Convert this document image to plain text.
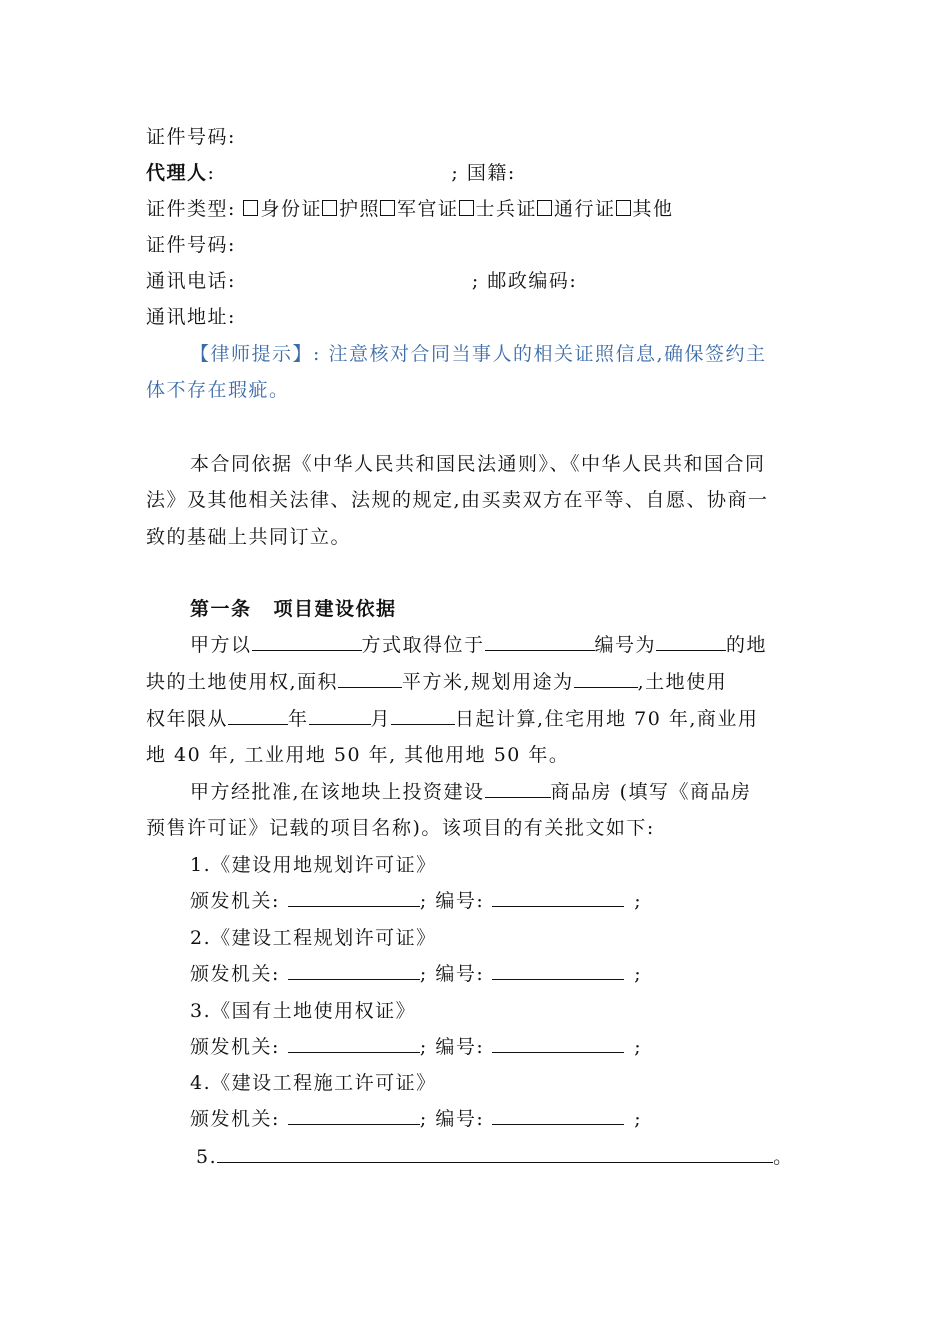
证件号码:
代理人:	; 国籍:
证件类型: 身份证 护照 军官证 士兵证 通行证 其他
证件号码:
通讯电话:	; 邮政编码:
通讯地址:
【律师提示】: 注意核对合同当事人的相关证照信息,确保签约主
体不存在瑕疵。
本合同依据《中华人民共和国民法通则》、《中华人民共和国合同
法》及其他相关法律、法规的规定,由买卖双方在平等、自愿、协商一
致的基础上共同订立。
第一条 项目建设依据
甲方以	方式取得位于	编号为	的地
块的土地使用权,面积	平方米,规划用途为	,土地使用
权年限从	年	月	日起计算,住宅用地 70 年,商业用
地 40 年, 工业用地 50 年, 其他用地 50 年。
甲方经批准,在该地块上投资建设	商品房 (填写《商品房
预售许可证》记载的项目名称)。该项目的有关批文如下:
1.《建设用地规划许可证》
颁发机关:	; 编号:	;
2.《建设工程规划许可证》
颁发机关:	; 编号:	;
3.《国有土地使用权证》
颁发机关:	; 编号:	;
4.《建设工程施工许可证》
颁发机关:	; 编号:	;
5.	。
